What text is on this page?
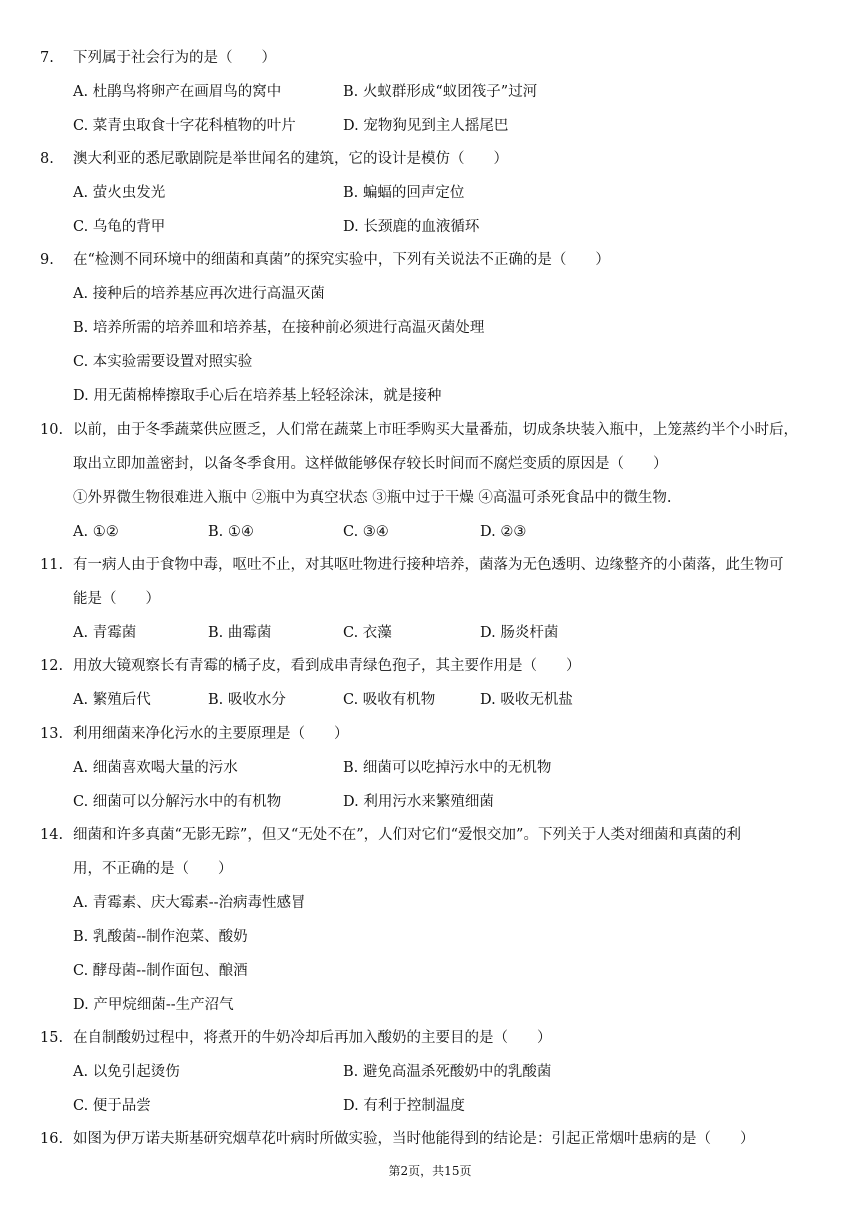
7. 下列属于社会行为的是（　　）
A. 杜鹃鸟将卵产在画眉鸟的窝中	B. 火蚁群形成“蚁团筏子”过河
C. 菜青虫取食十字花科植物的叶片	D. 宠物狗见到主人摇尾巴
8. 澳大利亚的悉尼歌剧院是举世闻名的建筑，它的设计是模仿（　　）
A. 萤火虫发光	B. 蝙蝠的回声定位
C. 乌龟的背甲	D. 长颈鹿的血液循环
9. 在“检测不同环境中的细菌和真菌”的探究实验中，下列有关说法不正确的是（　　）
A. 接种后的培养基应再次进行高温灭菌
B. 培养所需的培养皿和培养基，在接种前必须进行高温灭菌处理
C. 本实验需要设置对照实验
D. 用无菌棉棒擦取手心后在培养基上轻轻涂沫，就是接种
10. 以前，由于冬季蔬菜供应匮乏，人们常在蔬菜上市旺季购买大量番茄，切成条块装入瓶中，上笼蒸约半个小时后，
取出立即加盖密封，以备冬季食用。这样做能够保存较长时间而不腐烂变质的原因是（　　）
①外界微生物很难进入瓶中 ②瓶中为真空状态 ③瓶中过于干燥 ④高温可杀死食品中的微生物.
A. ①②	B. ①④	C. ③④	D. ②③
11. 有一病人由于食物中毒，呕吐不止，对其呕吐物进行接种培养，菌落为无色透明、边缘整齐的小菌落，此生物可
能是（　　）
A. 青霉菌	B. 曲霉菌	C. 衣藻	D. 肠炎杆菌
12. 用放大镜观察长有青霉的橘子皮，看到成串青绿色孢子，其主要作用是（　　）
A. 繁殖后代	B. 吸收水分	C. 吸收有机物	D. 吸收无机盐
13. 利用细菌来净化污水的主要原理是（　　）
A. 细菌喜欢喝大量的污水	B. 细菌可以吃掉污水中的无机物
C. 细菌可以分解污水中的有机物	D. 利用污水来繁殖细菌
14. 细菌和许多真菌“无影无踪”，但又“无处不在”，人们对它们“爱恨交加”。下列关于人类对细菌和真菌的利
用，不正确的是（　　）
A. 青霉素、庆大霉素--治病毒性感冒
B. 乳酸菌--制作泡菜、酸奶
C. 酵母菌--制作面包、酿酒
D. 产甲烷细菌--生产沼气
15. 在自制酸奶过程中，将煮开的牛奶冷却后再加入酸奶的主要目的是（　　）
A. 以免引起烫伤	B. 避免高温杀死酸奶中的乳酸菌
C. 便于品尝	D. 有利于控制温度
16. 如图为伊万诺夫斯基研究烟草花叶病时所做实验，当时他能得到的结论是：引起正常烟叶患病的是（　　）
第2页，共15页
